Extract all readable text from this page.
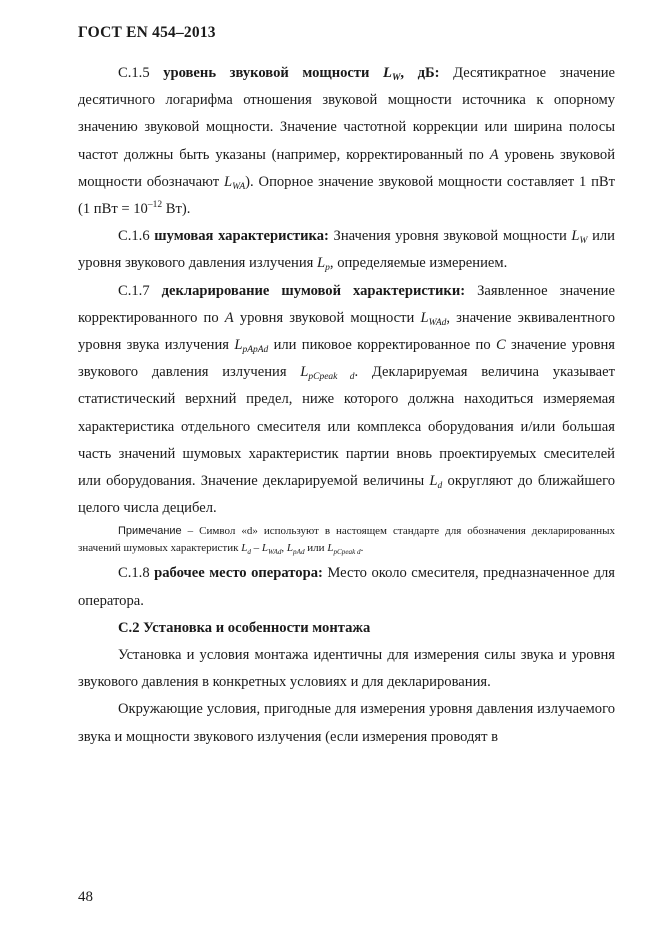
ГОСТ EN 454–2013

С.1.5 уровень звуковой мощности $L_W$, дБ: Десятикратное значение десятичного логарифма отношения звуковой мощности источника к опорному значению звуковой мощности. Значение частотной коррекции или ширина полосы частот должны быть указаны (например, корректированный по A уровень звуковой мощности обозначают $L_{WA}$). Опорное значение звуковой мощности составляет 1 пВт (1 пВт = $10^{-12}$ Вт).

С.1.6 шумовая характеристика: Значения уровня звуковой мощности $L_W$ или уровня звукового давления излучения $L_p$, определяемые измерением.

С.1.7 декларирование шумовой характеристики: Заявленное значение корректированного по A уровня звуковой мощности $L_{WAd}$, значение эквивалентного уровня звука излучения $L_{pApAd}$ или пиковое корректированное по C значение уровня звукового давления излучения $L_{pCpeak d}$. Декларируемая величина указывает статистический верхний предел, ниже которого должна находиться измеряемая характеристика отдельного смесителя или комплекса оборудования и/или большая часть значений шумовых характеристик партии вновь проектируемых смесителей или оборудования. Значение декларируемой величины $L_d$ округляют до ближайшего целого числа децибел.

Примечание – Символ «d» используют в настоящем стандарте для обозначения декларированных значений шумовых характеристик $L_d - L_{WAd}$, $L_{pAd}$ или $L_{pCpeak d}$.

С.1.8 рабочее место оператора: Место около смесителя, предназначенное для оператора.

С.2 Установка и особенности монтажа

Установка и условия монтажа идентичны для измерения силы звука и уровня звукового давления в конкретных условиях и для декларирования.

Окружающие условия, пригодные для измерения уровня давления излучаемого звука и мощности звукового излучения (если измерения проводят в

48
